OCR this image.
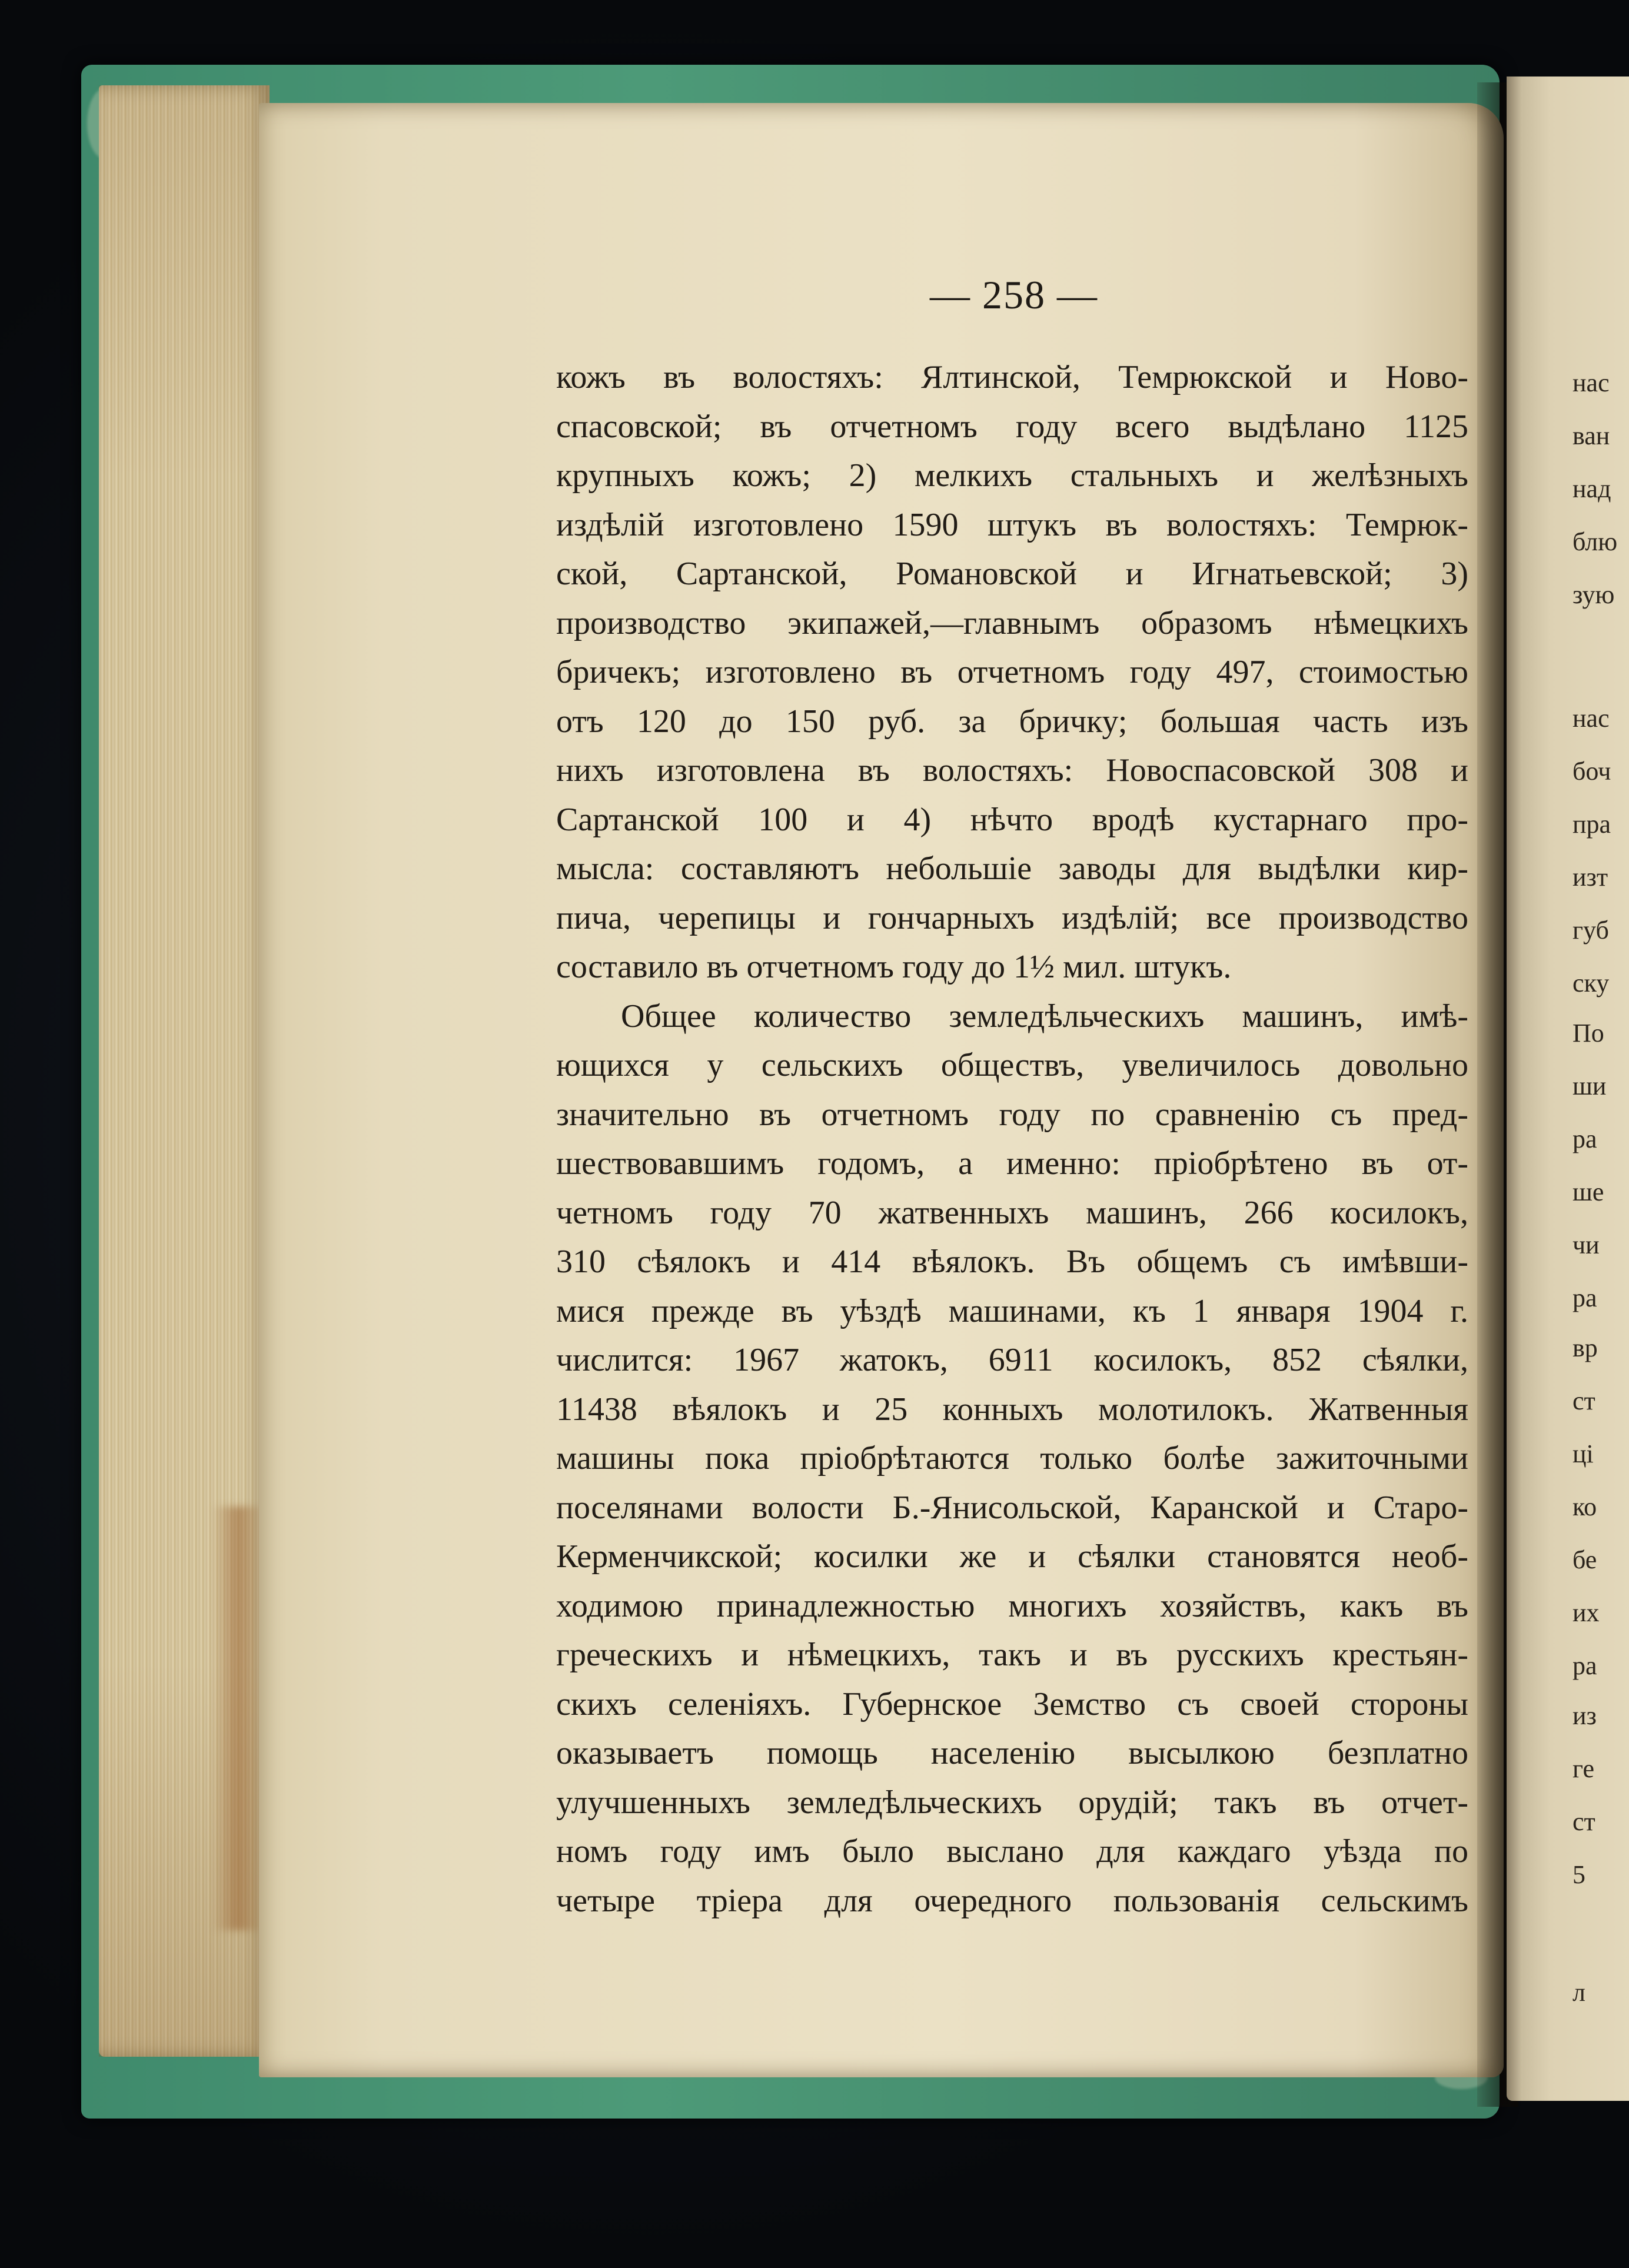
— 258 —
кожъ въ волостяхъ: Ялтинской, Темрюкской и Ново-
спасовской; въ отчетномъ году всего выдѣлано 1125
крупныхъ кожъ; 2) мелкихъ стальныхъ и желѣзныхъ
издѣлій изготовлено 1590 штукъ въ волостяхъ: Темрюк-
ской, Сартанской, Романовской и Игнатьевской; 3)
производство экипажей,—главнымъ образомъ нѣмецкихъ
бричекъ; изготовлено въ отчетномъ году 497, стоимостью
отъ 120 до 150 руб. за бричку; большая часть изъ
нихъ изготовлена въ волостяхъ: Новоспасовской 308 и
Сартанской 100 и 4) нѣчто вродѣ кустарнаго про-
мысла: составляютъ небольшіе заводы для выдѣлки кир-
пича, черепицы и гончарныхъ издѣлій; все производство
составило въ отчетномъ году до 1½ мил. штукъ.
Общее количество земледѣльческихъ машинъ, имѣ-
ющихся у сельскихъ обществъ, увеличилось довольно
значительно въ отчетномъ году по сравненію съ пред-
шествовавшимъ годомъ, а именно: пріобрѣтено въ от-
четномъ году 70 жатвенныхъ машинъ, 266 косилокъ,
310 сѣялокъ и 414 вѣялокъ. Въ общемъ съ имѣвши-
мися прежде въ уѣздѣ машинами, къ 1 января 1904 г.
числится: 1967 жатокъ, 6911 косилокъ, 852 сѣялки,
11438 вѣялокъ и 25 конныхъ молотилокъ. Жатвенныя
машины пока пріобрѣтаются только болѣе зажиточными
поселянами волости Б.-Янисольской, Каранской и Старо-
Керменчикской; косилки же и сѣялки становятся необ-
ходимою принадлежностью многихъ хозяйствъ, какъ въ
греческихъ и нѣмецкихъ, такъ и въ русскихъ крестьян-
скихъ селеніяхъ. Губернское Земство съ своей стороны
оказываетъ помощь населенію высылкою безплатно
улучшенныхъ земледѣльческихъ орудій; такъ въ отчет-
номъ году имъ было выслано для каждаго уѣзда по
четыре тріера для очередного пользованія сельскимъ
нас
ван
над
блю
зую
нас
боч
пра
изт
губ
ску
По
ши
ра
ше
чи
ра
вр
ст
ці
ко
бе
их
ра
из
ге
ст
5
л
